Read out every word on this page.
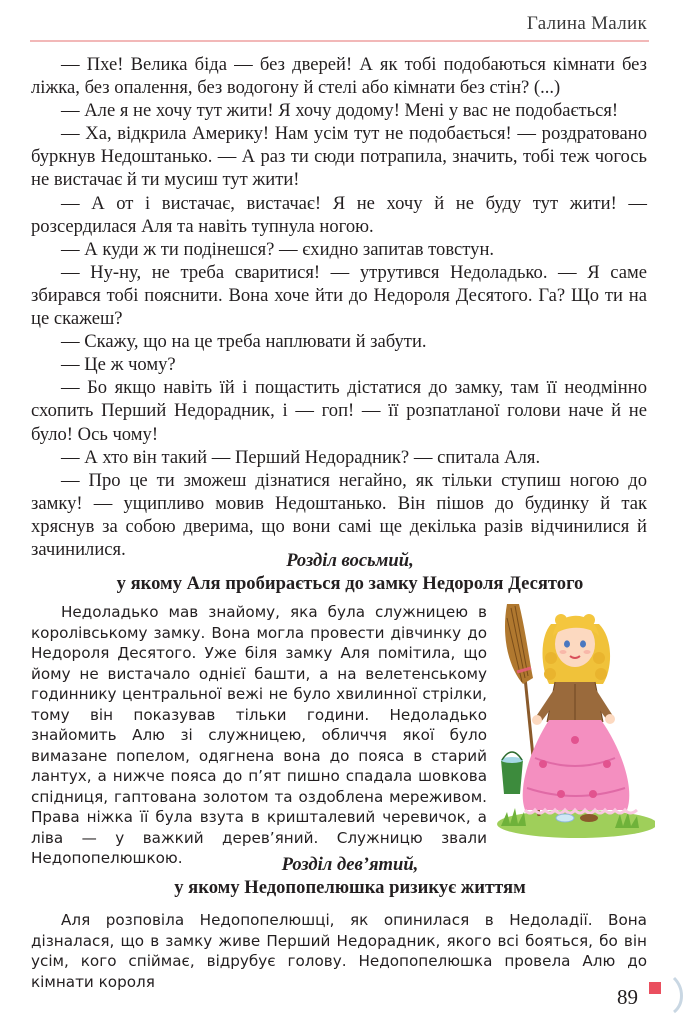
Галина Малик

— Пхе! Велика біда — без дверей! А як тобі подобаються кімнати без ліжка, без опалення, без водогону й стелі або кімнати без стін? (...)

— Але я не хочу тут жити! Я хочу додому! Мені у вас не подобається!

— Ха, відкрила Америку! Нам усім тут не подобається! — роздратовано буркнув Недоштанько. — А раз ти сюди потрапила, значить, тобі теж чогось не вистачає й ти мусиш тут жити!

— А от і вистачає, вистачає! Я не хочу й не буду тут жити! — розсердилася Аля та навіть тупнула ногою.

— А куди ж ти подінешся? — єхидно запитав товстун.

— Ну-ну, не треба сваритися! — утрутився Недоладько. — Я саме збирався тобі пояснити. Вона хоче йти до Недороля Десятого. Га? Що ти на це скажеш?

— Скажу, що на це треба наплювати й забути.

— Це ж чому?

— Бо якщо навіть їй і пощастить дістатися до замку, там її неодмінно схопить Перший Недорадник, і — гоп! — її розпатланої голови наче й не було! Ось чому!

— А хто він такий — Перший Недорадник? — спитала Аля.

— Про це ти зможеш дізнатися негайно, як тільки ступиш ногою до замку! — ущипливо мовив Недоштанько. Він пішов до будинку й так хряснув за собою дверима, що вони самі ще декілька разів відчинилися й зачинилися.

Розділ восьмий,
у якому Аля пробирається до замку Недороля Десятого

Недоладько мав знайому, яка була служницею в королівському замку. Вона могла провести дівчинку до Недороля Десятого. Уже біля замку Аля помітила, що йому не вистачало однієї башти, а на велетенському годиннику центральної вежі не було хвилинної стрілки, тому він показував тільки години. Недоладько знайомить Алю зі служницею, обличчя якої було вимазане попелом, одягнена вона до пояса в старий лантух, а нижче пояса до п’ят пишно спадала шовкова спідниця, гаптована золотом та оздоблена мереживом. Права ніжка її була взута в кришталевий черевичок, а ліва — у важкий дерев’яний. Служницю звали Недопопелюшкою.	Розділ дев’ятий,
у якому Недопопелюшка ризикує життям

Аля розповіла Недопопелюшці, як опинилася в Недоладії. Вона дізналася, що в замку живе Перший Недорадник, якого всі бояться, бо він усім, кого спіймає, відрубує голову. Недопопелюшка провела Алю до кімнати короля

89
